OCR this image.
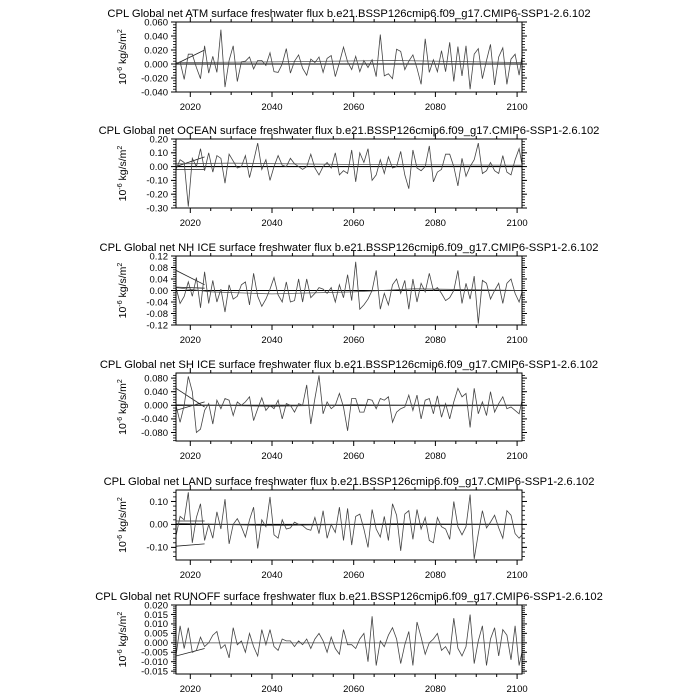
CPL Global net ATM surface freshwater flux b.e21.BSSP126cmip6.f09_g17.CMIP6-SSP1-2.6.102
$10^{-6}$ $kg/s/m^2$
2020	2040	2060	2080	2100
0.060
0.040
0.020
0.000
-0.020
-0.040
CPL Global net OCEAN surface freshwater flux b.e21.BSSP126cmip6.f09_g17.CMIP6-SSP1-2.6.102
$10^{-6}$ $kg/s/m^2$
2020	2040	2060	2080	2100
0.20
0.10
0.00
-0.10
-0.20
-0.30
CPL Global net NH ICE surface freshwater flux b.e21.BSSP126cmip6.f09_g17.CMIP6-SSP1-2.6.102
$10^{-6}$ $kg/s/m^2$
2020	2040	2060	2080	2100
0.12
0.08
0.04
0.00
-0.04
-0.08
-0.12
CPL Global net SH ICE surface freshwater flux b.e21.BSSP126cmip6.f09_g17.CMIP6-SSP1-2.6.102
$10^{-6}$ $kg/s/m^2$
2020	2040	2060	2080	2100
0.080
0.040
0.000
-0.040
-0.080
CPL Global net LAND surface freshwater flux b.e21.BSSP126cmip6.f09_g17.CMIP6-SSP1-2.6.102
$10^{-6}$ $kg/s/m^2$
2020	2040	2060	2080	2100
0.10
0.00
-0.10
CPL Global net RUNOFF surface freshwater flux b.e21.BSSP126cmip6.f09_g17.CMIP6-SSP1-2.6.102
$10^{-6}$ $kg/s/m^2$
2020	2040	2060	2080	2100
0.020
0.015
0.010
0.005
0.000
-0.005
-0.010
-0.015
